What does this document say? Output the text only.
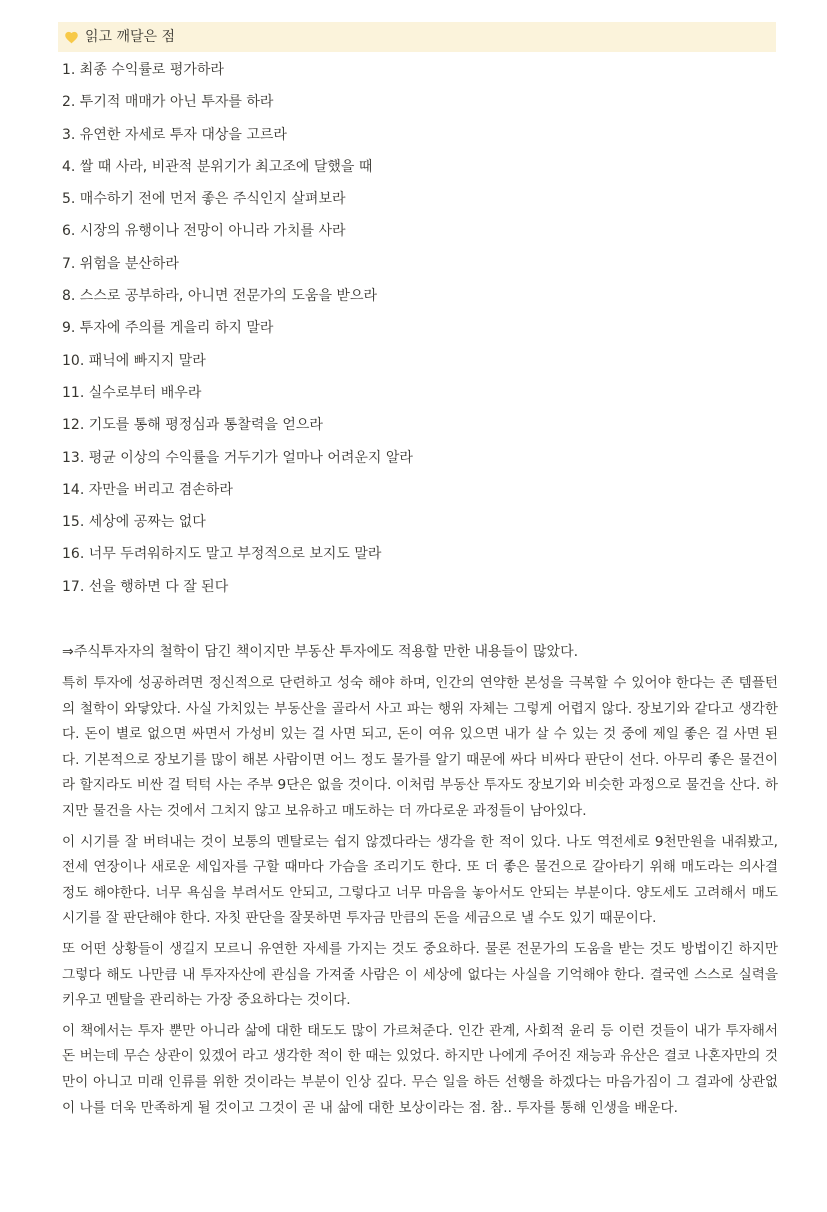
읽고 깨달은 점
1. 최종 수익률로 평가하라
2. 투기적 매매가 아닌 투자를 하라
3. 유연한 자세로 투자 대상을 고르라
4. 쌀 때 사라, 비관적 분위기가 최고조에 달했을 때
5. 매수하기 전에 먼저 좋은 주식인지 살펴보라
6. 시장의 유행이나 전망이 아니라 가치를 사라
7. 위험을 분산하라
8. 스스로 공부하라, 아니면 전문가의 도움을 받으라
9. 투자에 주의를 게을리 하지 말라
10. 패닉에 빠지지 말라
11. 실수로부터 배우라
12. 기도를 통해 평정심과 통찰력을 얻으라
13. 평균 이상의 수익률을 거두기가 얼마나 어려운지 알라
14. 자만을 버리고 겸손하라
15. 세상에 공짜는 없다
16. 너무 두려워하지도 말고 부정적으로 보지도 말라
17. 선을 행하면 다 잘 된다
⇒주식투자자의 철학이 담긴 책이지만 부동산 투자에도 적용할 만한 내용들이 많았다.

특히 투자에 성공하려면 정신적으로 단련하고 성숙 해야 하며, 인간의 연약한 본성을 극복할 수 있어야 한다는 존 템플턴의 철학이 와닿았다. 사실 가치있는 부동산을 골라서 사고 파는 행위 자체는 그렇게 어렵지 않다. 장보기와 같다고 생각한다. 돈이 별로 없으면 싸면서 가성비 있는 걸 사면 되고, 돈이 여유 있으면 내가 살 수 있는 것 중에 제일 좋은 걸 사면 된다. 기본적으로 장보기를 많이 해본 사람이면 어느 정도 물가를 알기 때문에 싸다 비싸다 판단이 선다. 아무리 좋은 물건이라 할지라도 비싼 걸 턱턱 사는 주부 9단은 없을 것이다. 이처럼 부동산 투자도 장보기와 비슷한 과정으로 물건을 산다. 하지만 물건을 사는 것에서 그치지 않고 보유하고 매도하는 더 까다로운 과정들이 남아있다.

이 시기를 잘 버텨내는 것이 보통의 멘탈로는 쉽지 않겠다라는 생각을 한 적이 있다. 나도 역전세로 9천만원을 내줘봤고, 전세 연장이나 새로운 세입자를 구할 때마다 가슴을 조리기도 한다. 또 더 좋은 물건으로 갈아타기 위해 매도라는 의사결정도 해야한다. 너무 욕심을 부려서도 안되고, 그렇다고 너무 마음을 놓아서도 안되는 부분이다. 양도세도 고려해서 매도시기를 잘 판단해야 한다. 자칫 판단을 잘못하면 투자금 만큼의 돈을 세금으로 낼 수도 있기 때문이다.

또 어떤 상황들이 생길지 모르니 유연한 자세를 가지는 것도 중요하다. 물론 전문가의 도움을 받는 것도 방법이긴 하지만 그렇다 해도 나만큼 내 투자자산에 관심을 가져줄 사람은 이 세상에 없다는 사실을 기억해야 한다. 결국엔 스스로 실력을 키우고 멘탈을 관리하는 가장 중요하다는 것이다.

이 책에서는 투자 뿐만 아니라 삶에 대한 태도도 많이 가르쳐준다. 인간 관계, 사회적 윤리 등 이런 것들이 내가 투자해서 돈 버는데 무슨 상관이 있겠어 라고 생각한 적이 한 때는 있었다. 하지만 나에게 주어진 재능과 유산은 결코 나혼자만의 것만이 아니고 미래 인류를 위한 것이라는 부분이 인상 깊다. 무슨 일을 하든 선행을 하겠다는 마음가짐이 그 결과에 상관없이 나를 더욱 만족하게 될 것이고 그것이 곧 내 삶에 대한 보상이라는 점. 참.. 투자를 통해 인생을 배운다.
